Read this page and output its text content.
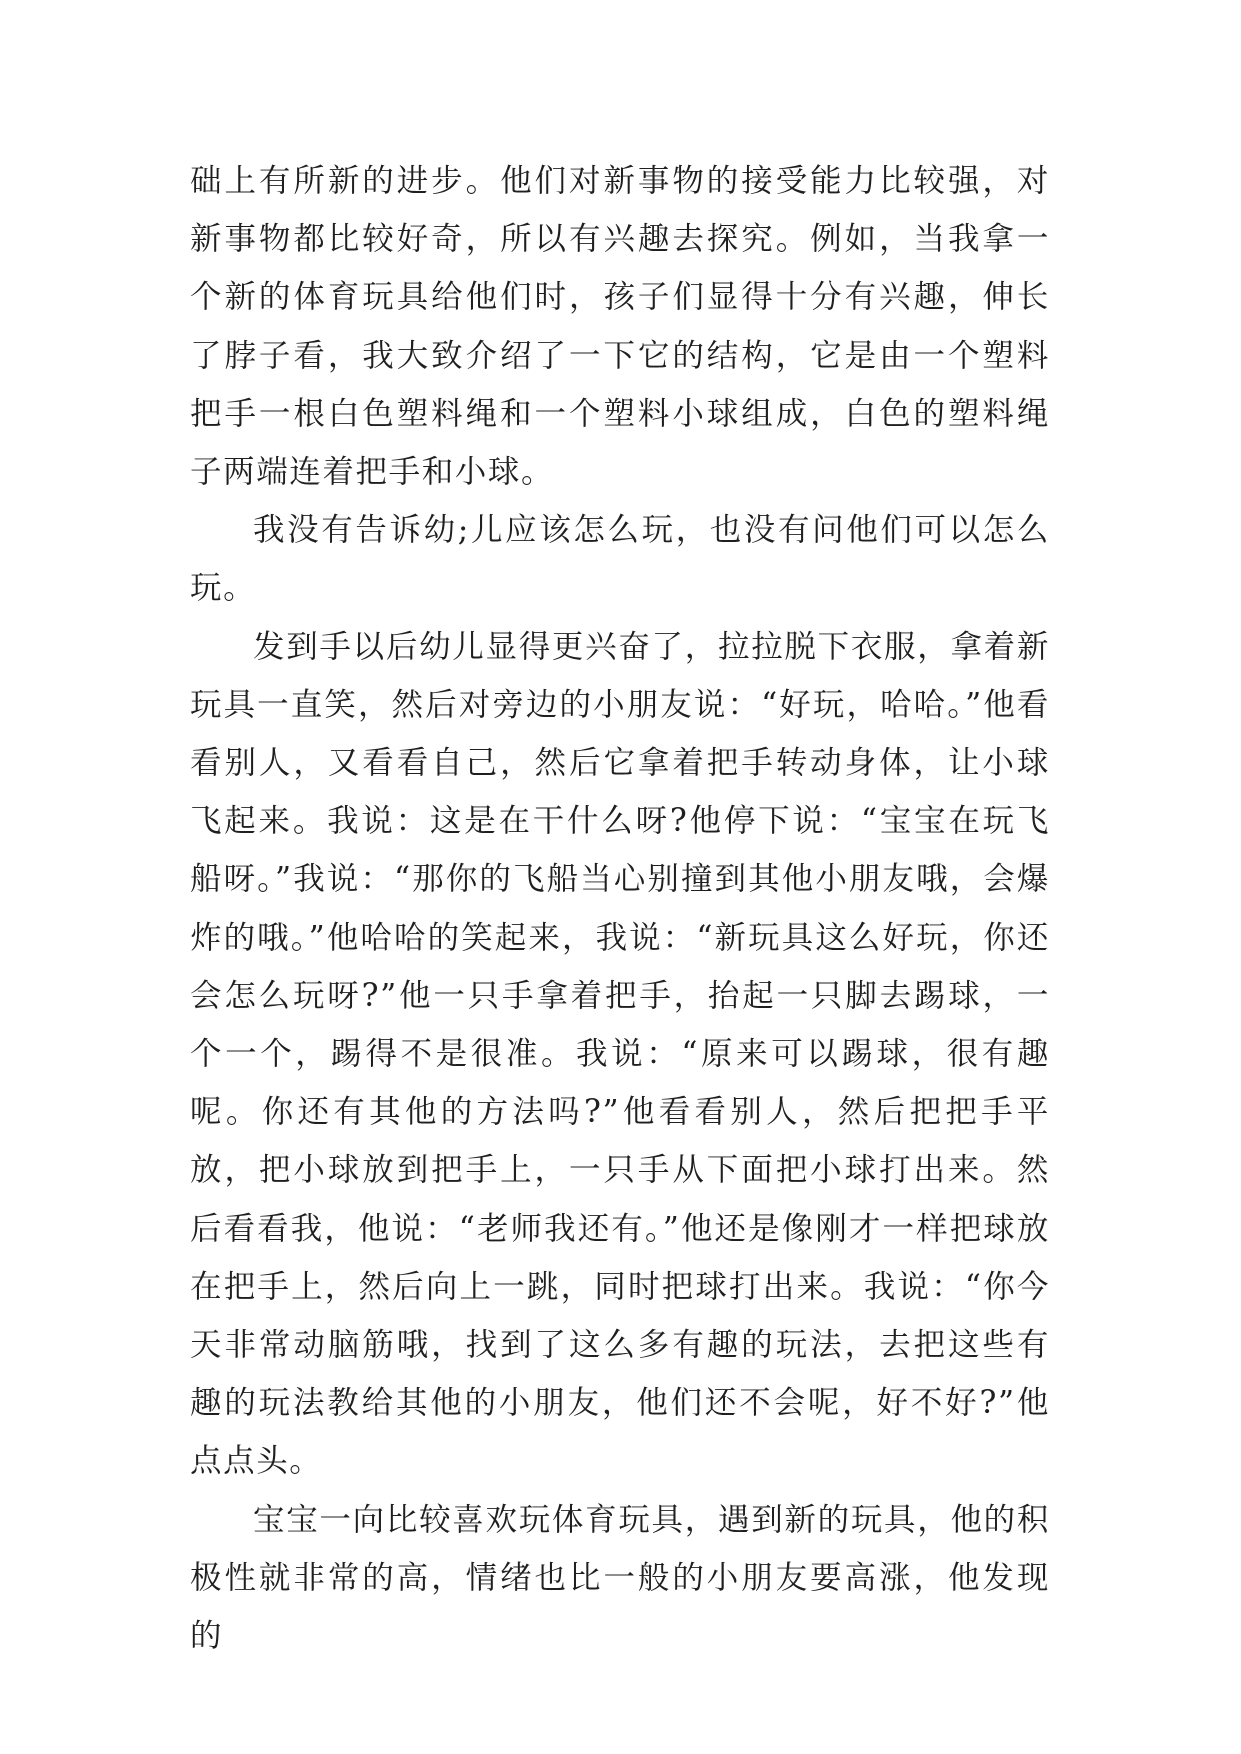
础上有所新的进步。他们对新事物的接受能力比较强，对新事物都比较好奇，所以有兴趣去探究。例如，当我拿一个新的体育玩具给他们时，孩子们显得十分有兴趣，伸长了脖子看，我大致介绍了一下它的结构，它是由一个塑料把手一根白色塑料绳和一个塑料小球组成，白色的塑料绳子两端连着把手和小球。

我没有告诉幼;儿应该怎么玩，也没有问他们可以怎么玩。

发到手以后幼儿显得更兴奋了，拉拉脱下衣服，拿着新玩具一直笑，然后对旁边的小朋友说：“好玩，哈哈。”他看看别人，又看看自己，然后它拿着把手转动身体，让小球飞起来。我说：这是在干什么呀?他停下说：“宝宝在玩飞船呀。”我说：“那你的飞船当心别撞到其他小朋友哦，会爆炸的哦。”他哈哈的笑起来，我说：“新玩具这么好玩，你还会怎么玩呀?”他一只手拿着把手，抬起一只脚去踢球，一个一个，踢得不是很准。我说：“原来可以踢球，很有趣呢。你还有其他的方法吗?”他看看别人，然后把把手平放，把小球放到把手上，一只手从下面把小球打出来。然后看看我，他说：“老师我还有。”他还是像刚才一样把球放在把手上，然后向上一跳，同时把球打出来。我说：“你今天非常动脑筋哦，找到了这么多有趣的玩法，去把这些有趣的玩法教给其他的小朋友，他们还不会呢，好不好?”他点点头。

宝宝一向比较喜欢玩体育玩具，遇到新的玩具，他的积极性就非常的高，情绪也比一般的小朋友要高涨，他发现的
